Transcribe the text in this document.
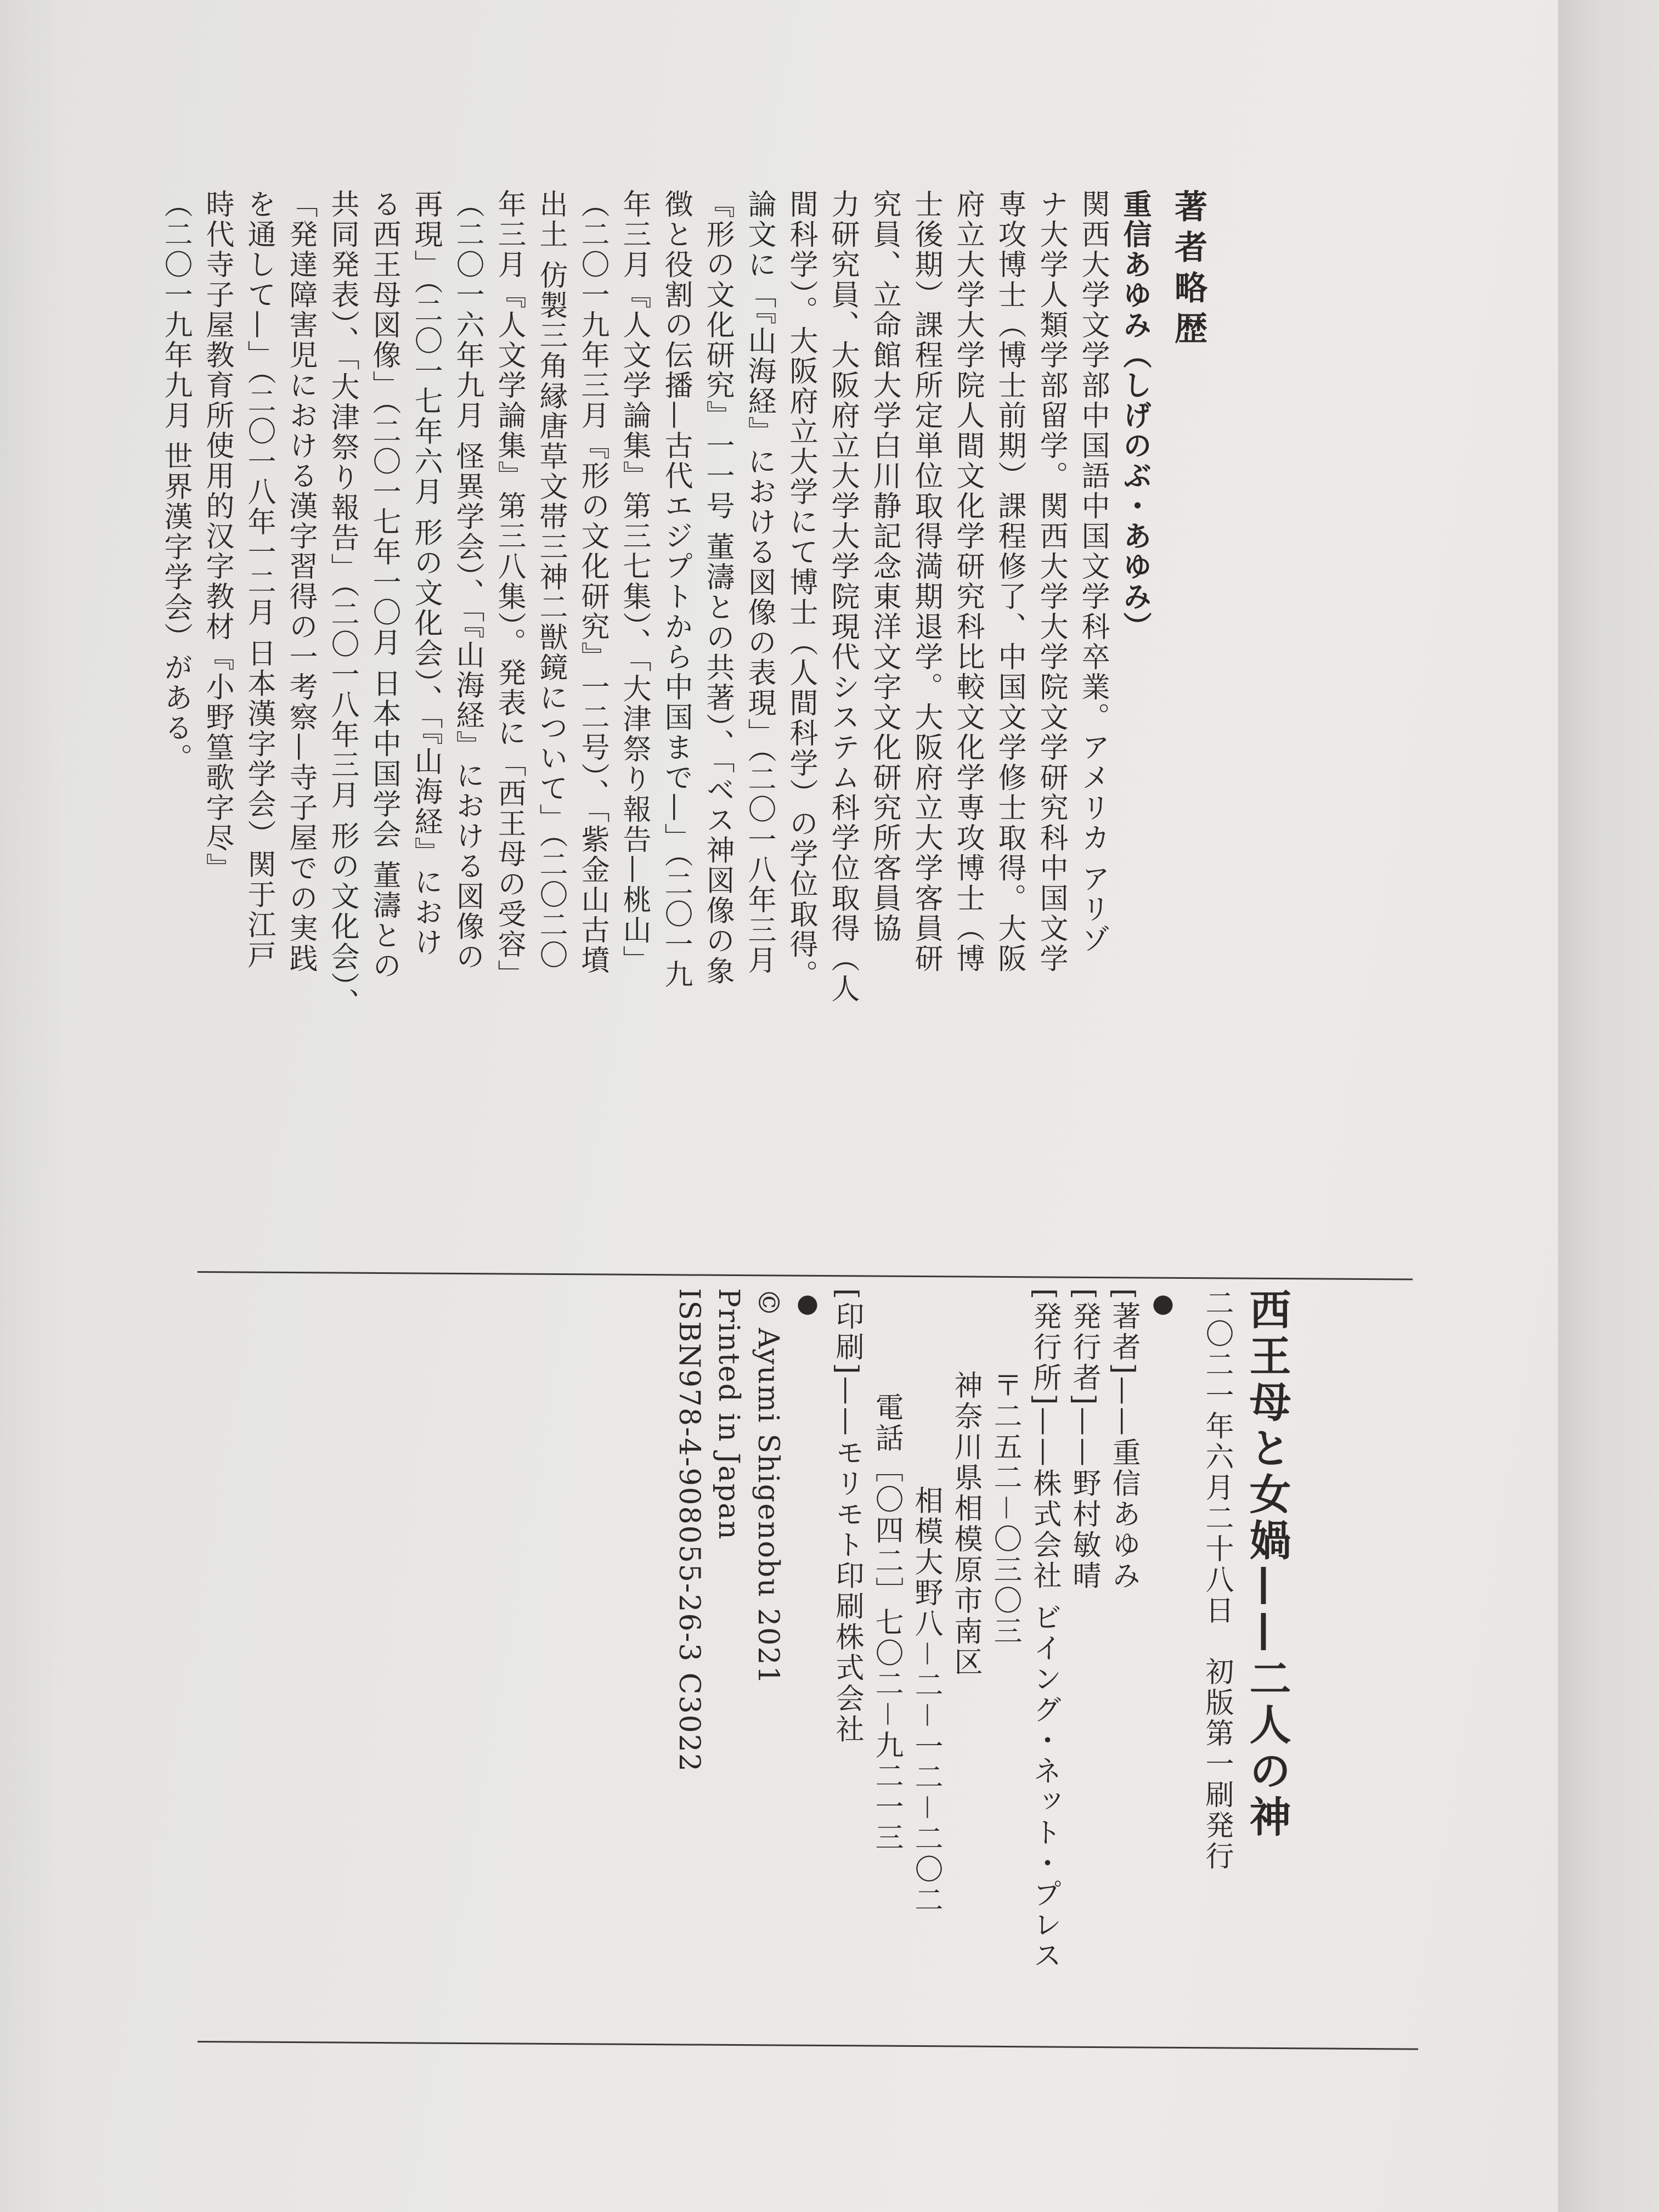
著者略歴
重信あゆみ（しげのぶ・あゆみ）
関西大学文学部中国語中国文学科卒業。アメリカ アリゾ
ナ大学人類学部留学。関西大学大学院文学研究科中国文学
専攻博士（博士前期）課程修了、中国文学修士取得。大阪
府立大学大学院人間文化学研究科比較文化学専攻博士（博
士後期）課程所定単位取得満期退学。大阪府立大学客員研
究員、立命館大学白川静記念東洋文字文化研究所客員協
力研究員、大阪府立大学大学院現代システム科学位取得（人
間科学）。大阪府立大学にて博士（人間科学）の学位取得。
論文に「『山海経』における図像の表現」（二〇一八年三月
『形の文化研究』一一号 董濤との共著）、「ベス神図像の象
徴と役割の伝播—古代エジプトから中国まで—」（二〇一九
年三月『人文学論集』第三七集）、「大津祭り報告—桃山」
（二〇一九年三月『形の文化研究』一二号）、「紫金山古墳
出土 仿製三角縁唐草文帯三神二獣鏡について」（二〇二〇
年三月『人文学論集』第三八集）。発表に「西王母の受容」
（二〇一六年九月 怪異学会）、「『山海経』における図像の
再現」（二〇一七年六月 形の文化会）、「『山海経』におけ
る西王母図像」（二〇一七年一〇月 日本中国学会 董濤との
共同発表）、「大津祭り報告」（二〇一八年三月 形の文化会）、
「発達障害児における漢字習得の一考察—寺子屋での実践
を通して—」（二〇一八年一二月 日本漢字学会）関于江戸
時代寺子屋教育所使用的汉字教材『小野篁歌字尽』
（二〇一九年九月 世界漢字学会）がある。
西王母と女媧——二人の神
二〇二一年六月二十八日　初版第一刷発行
●
[著者]——重信あゆみ
[発行者]——野村敏晴
[発行所]——株式会社 ビイング・ネット・プレス
〒二五二－〇三〇三
神奈川県相模原市南区
相模大野八－二－一二－二〇二
電話［〇四二］七〇二－九二一三
[印刷]——モリモト印刷株式会社
●
© Ayumi Shigenobu 2021
Printed in Japan
ISBN978-4-908055-26-3 C3022
